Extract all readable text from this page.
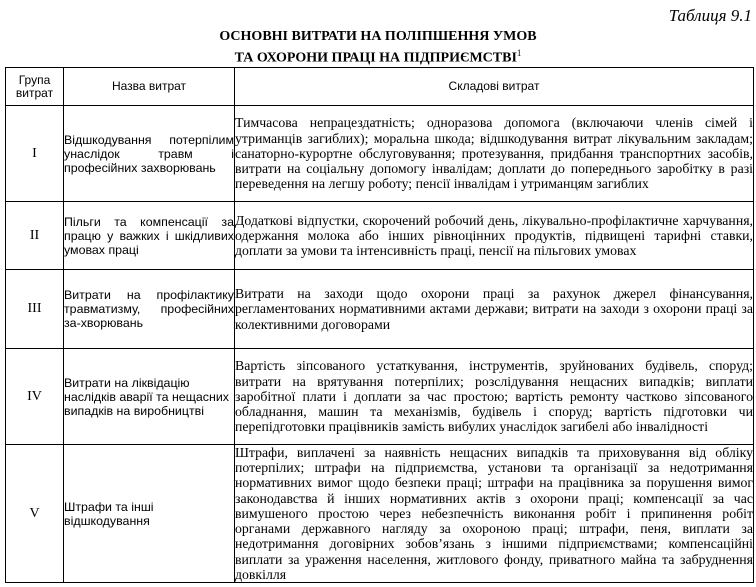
Таблиця 9.1
ОСНОВНІ ВИТРАТИ НА ПОЛІПШЕННЯ УМОВ
ТА ОХОРОНИ ПРАЦІ НА ПІДПРИЄМСТВІ$^1$
Група витрат	Назва витрат	Складові витрат
I	Відшкодування потерпілим унаслідок травм і професійних захворювань	Тимчасова непрацездатність; одноразова допомога (включаючи членів сімей і утриманців загиблих); моральна шкода; відшкодування витрат лікувальним закладам; санаторно-курортне обслуговування; протезування, придбання транспортних засобів, витрати на соціальну допомогу інвалідам; доплати до попереднього заробітку в разі переведення на легшу роботу; пенсії інвалідам і утриманцям загиблих
II	Пільги та компенсації за працю у важких і шкідливих умовах праці	Додаткові відпустки, скорочений робочий день, лікувально-профілактичне харчування, одержання молока або інших рівноцінних продуктів, підвищені тарифні ставки, доплати за умови та інтенсивність праці, пенсії на пільгових умовах
III	Витрати на профілактику травматизму, професійних за-хворювань	Витрати на заходи щодо охорони праці за рахунок джерел фінансування, регламентованих нормативними актами держави; витрати на заходи з охорони праці за колективними договорами
IV	Витрати на ліквідацію наслідків аварії та нещасних випадків на виробництві	Вартість зіпсованого устаткування, інструментів, зруйнованих будівель, споруд; витрати на врятування потерпілих; розслідування нещасних випадків; виплати заробітної плати і доплати за час простою; вартість ремонту частково зіпсованого обладнання, машин та механізмів, будівель і споруд; вартість підготовки чи перепідготовки працівників замість вибулих унаслідок загибелі або інвалідності
V	Штрафи та інші відшкодування	Штрафи, виплачені за наявність нещасних випадків та приховування від обліку потерпілих; штрафи на підприємства, установи та організації за недотримання нормативних вимог щодо безпеки праці; штрафи на працівника за порушення вимог законодавства й інших нормативних актів з охорони праці; компенсації за час вимушеного простою через небезпечність виконання робіт і припинення робіт органами державного нагляду за охороною праці; штрафи, пеня, виплати за недотримання договірних зобов’язань з іншими підприємствами; компенсаційні виплати за ураження населення, житлового фонду, приватного майна та забруднення довкілля
